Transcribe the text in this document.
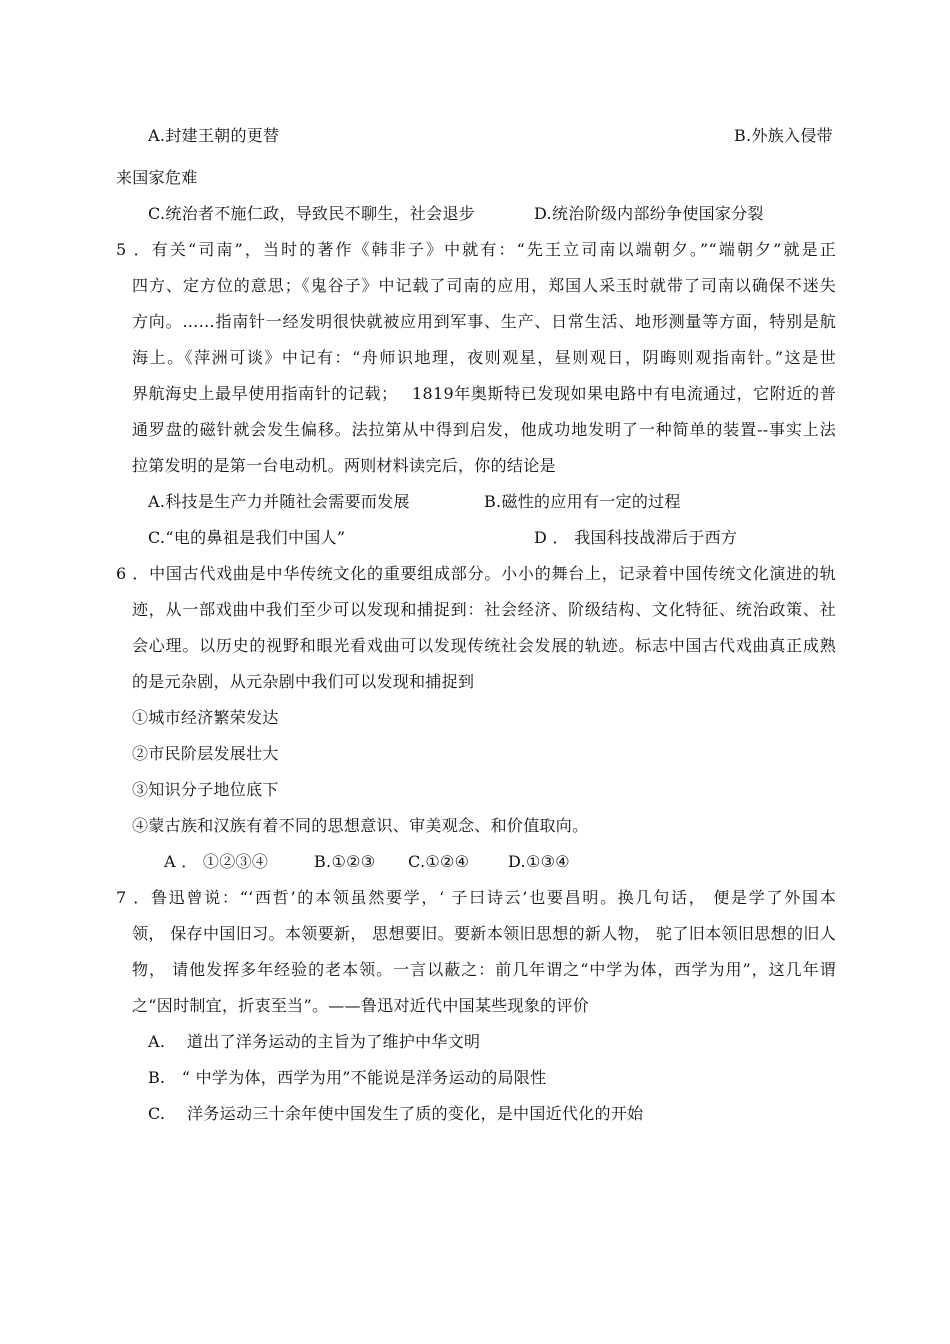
A.封建王朝的更替	B.外族入侵带
来国家危难
C.统治者不施仁政，导致民不聊生，社会退步	D.统治阶级内部纷争使国家分裂
5 ．有关“司南”，当时的著作《韩非子》中就有：“先王立司南以端朝夕。”“端朝夕”就是正
四方、定方位的意思；《鬼谷子》中记载了司南的应用，郑国人采玉时就带了司南以确保不迷失
方向。……指南针一经发明很快就被应用到军事、生产、日常生活、地形测量等方面，特别是航
海上。《萍洲可谈》中记有：“舟师识地理，夜则观星，昼则观日，阴晦则观指南针。”这是世
界航海史上最早使用指南针的记载；　 1819年奥斯特已发现如果电路中有电流通过，它附近的普
通罗盘的磁针就会发生偏移。法拉第从中得到启发，他成功地发明了一种简单的装置--事实上法
拉第发明的是第一台电动机。两则材料读完后，你的结论是
A.科技是生产力并随社会需要而发展	B.磁性的应用有一定的过程
C.“电的鼻祖是我们中国人”	D ． 我国科技战滞后于西方
6 ．中国古代戏曲是中华传统文化的重要组成部分。小小的舞台上，记录着中国传统文化演进的轨
迹，从一部戏曲中我们至少可以发现和捕捉到：社会经济、阶级结构、文化特征、统治政策、社
会心理。以历史的视野和眼光看戏曲可以发现传统社会发展的轨迹。标志中国古代戏曲真正成熟
的是元杂剧，从元杂剧中我们可以发现和捕捉到
①城市经济繁荣发达
②市民阶层发展壮大
③知识分子地位底下
④蒙古族和汉族有着不同的思想意识、审美观念、和价值取向。
A ． ①②③④	B.①②③ C.①②④ D.①③④
7 ．鲁迅曾说：“‘西哲’的本领虽然要学，‘ 子曰诗云’也要昌明。换几句话， 便是学了外国本
领， 保存中国旧习。本领要新， 思想要旧。要新本领旧思想的新人物， 驼了旧本领旧思想的旧人
物， 请他发挥多年经验的老本领。一言以蔽之：前几年谓之“中学为体，西学为用”，这几年谓
之“因时制宜，折衷至当”。——鲁迅对近代中国某些现象的评价
A.　 道出了洋务运动的主旨为了维护中华文明
B.　“ 中学为体，西学为用”不能说是洋务运动的局限性
C.　 洋务运动三十余年使中国发生了质的变化，是中国近代化的开始
